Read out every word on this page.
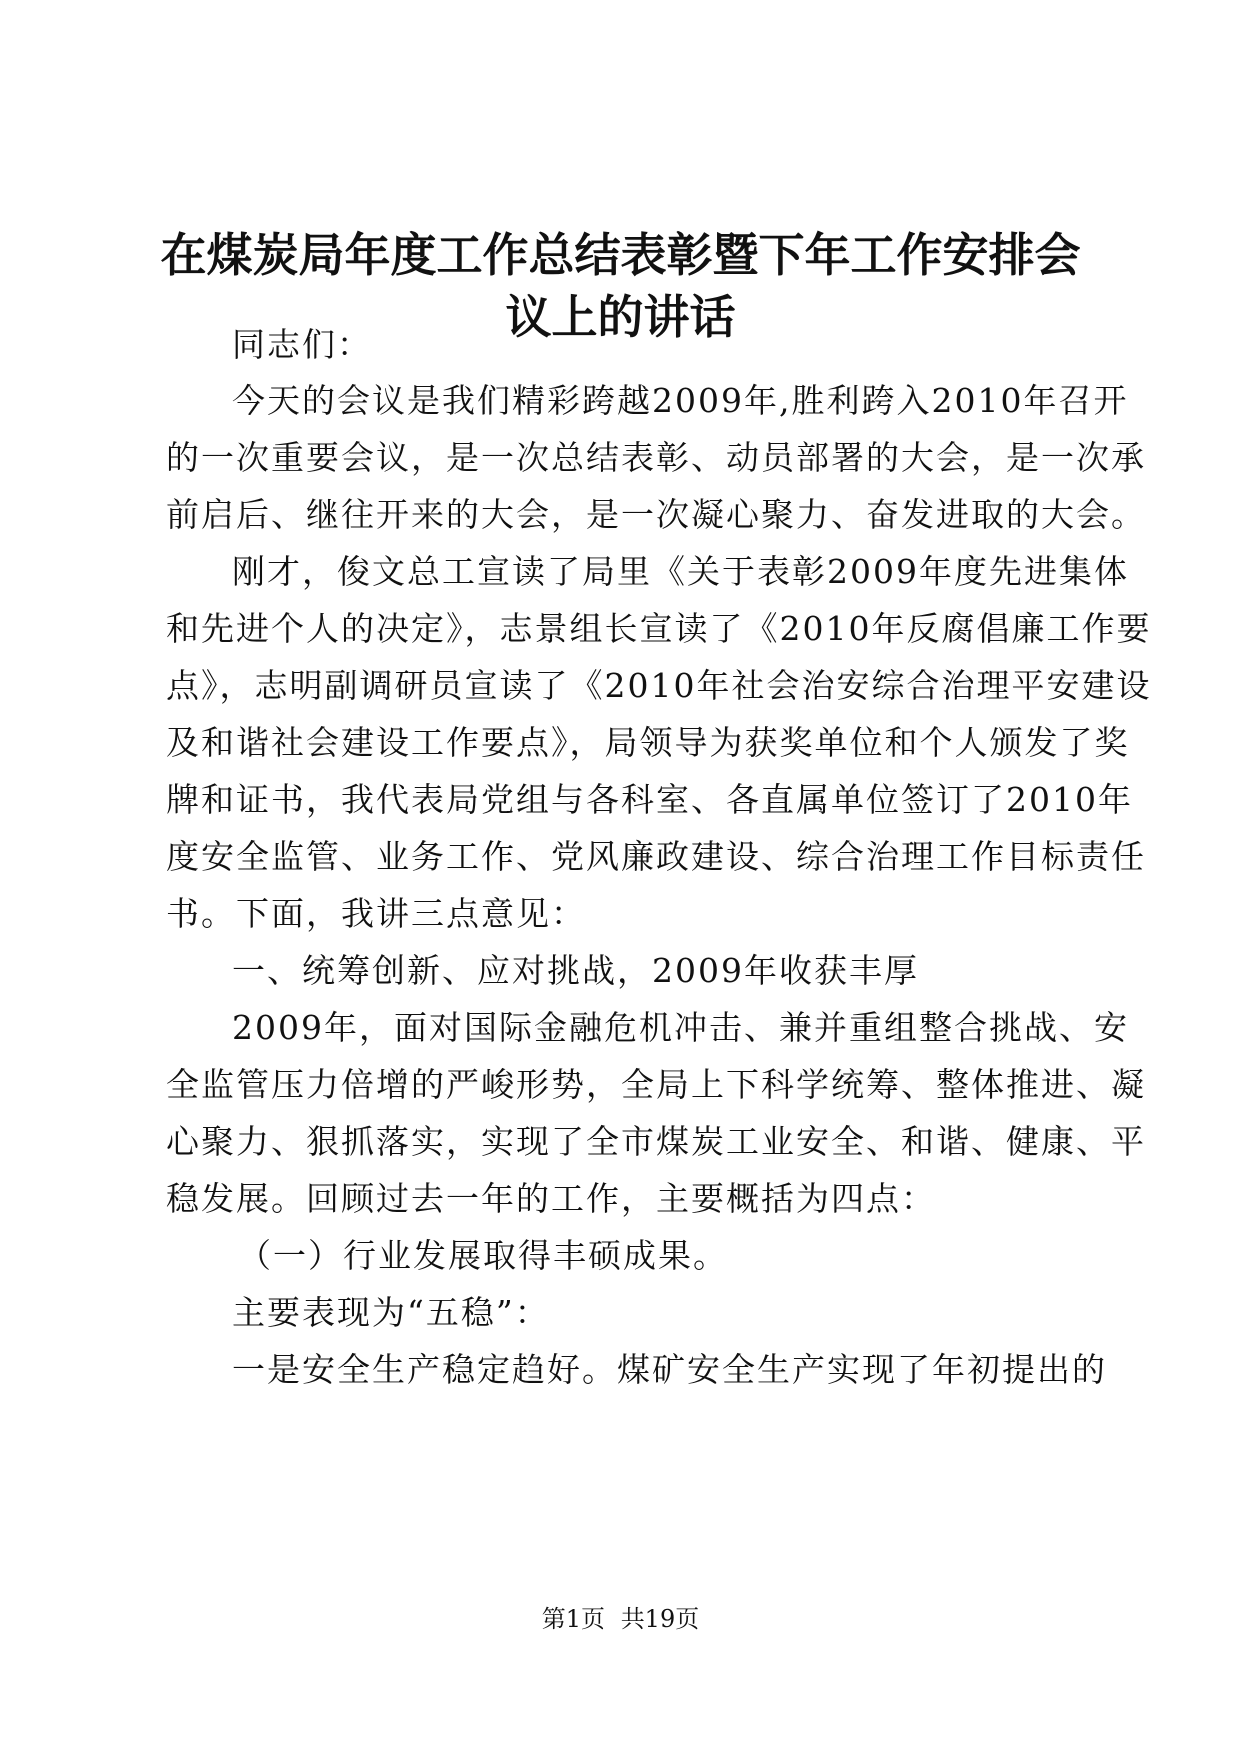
在煤炭局年度工作总结表彰暨下年工作安排会
议上的讲话
同志们：
今天的会议是我们精彩跨越2009年,胜利跨入2010年召开
的一次重要会议，是一次总结表彰、动员部署的大会，是一次承
前启后、继往开来的大会，是一次凝心聚力、奋发进取的大会。
刚才，俊文总工宣读了局里《关于表彰2009年度先进集体
和先进个人的决定》，志景组长宣读了《2010年反腐倡廉工作要
点》，志明副调研员宣读了《2010年社会治安综合治理平安建设
及和谐社会建设工作要点》，局领导为获奖单位和个人颁发了奖
牌和证书，我代表局党组与各科室、各直属单位签订了2010年
度安全监管、业务工作、党风廉政建设、综合治理工作目标责任
书。下面，我讲三点意见：
一、统筹创新、应对挑战，2009年收获丰厚
2009年，面对国际金融危机冲击、兼并重组整合挑战、安
全监管压力倍增的严峻形势，全局上下科学统筹、整体推进、凝
心聚力、狠抓落实，实现了全市煤炭工业安全、和谐、健康、平
稳发展。回顾过去一年的工作，主要概括为四点：
（一）行业发展取得丰硕成果。
主要表现为“五稳”：
一是安全生产稳定趋好。煤矿安全生产实现了年初提出的
第1页 共19页
